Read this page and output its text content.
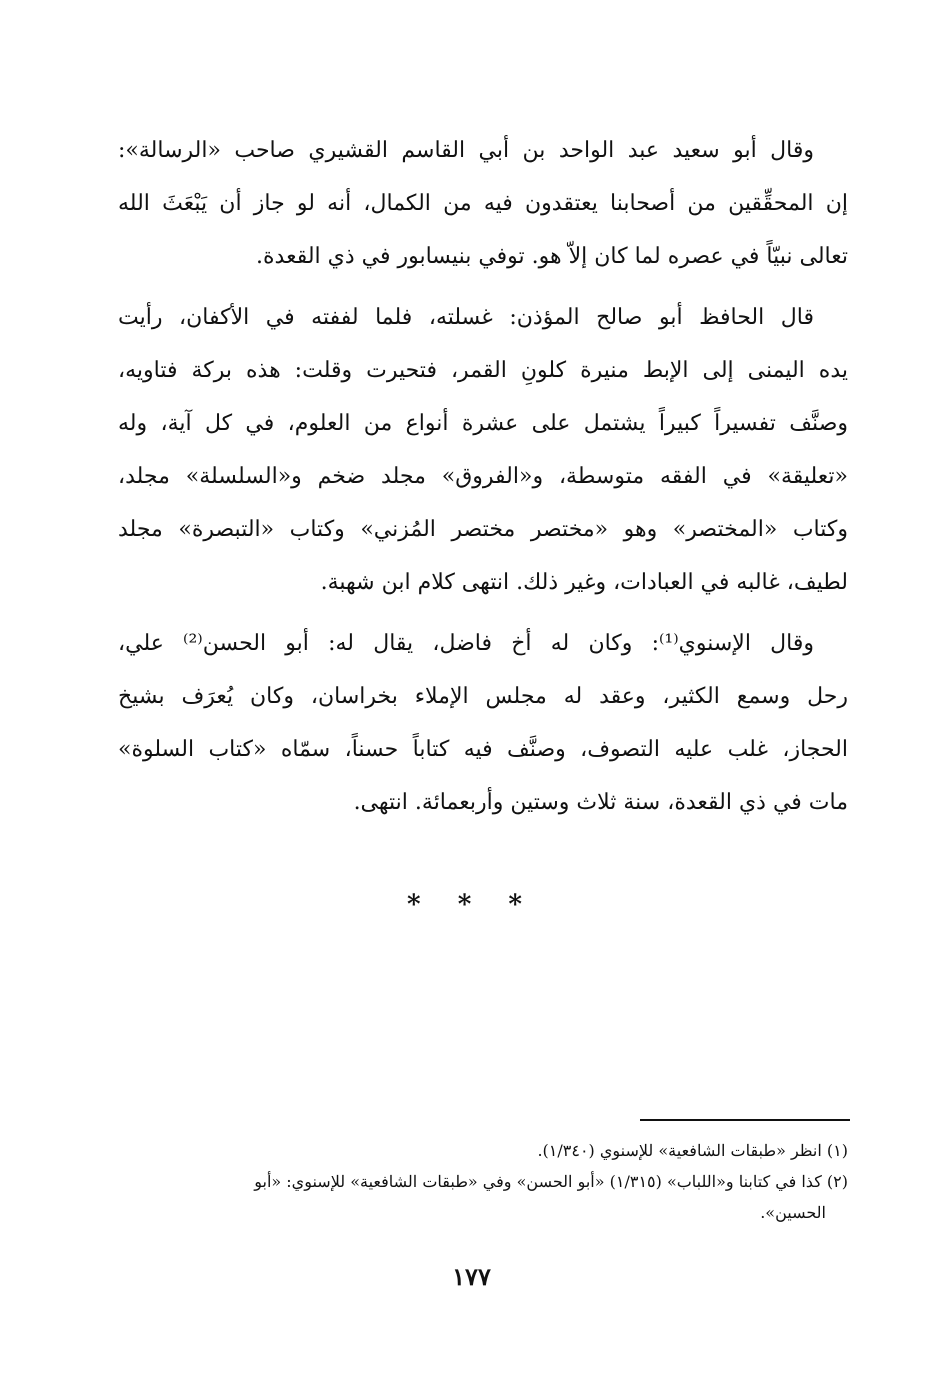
وقال أبو سعيد عبد الواحد بن أبي القاسم القشيري صاحب «الرسالة»:
إن المحقِّقين من أصحابنا يعتقدون فيه من الكمال، أنه لو جاز أن يَبْعَثَ الله
تعالى نبيّاً في عصره لما كان إلاّ هو. توفي بنيسابور في ذي القعدة.

قال الحافظ أبو صالح المؤذن: غسلته، فلما لففته في الأكفان، رأيت
يده اليمنى إلى الإبط منيرة كلونِ القمر، فتحيرت وقلت: هذه بركة فتاويه،
وصنَّف تفسيراً كبيراً يشتمل على عشرة أنواع من العلوم، في كل آية، وله
«تعليقة» في الفقه متوسطة، و«الفروق» مجلد ضخم و«السلسلة» مجلد،
وكتاب «المختصر» وهو «مختصر مختصر المُزني» وكتاب «التبصرة» مجلد
لطيف، غالبه في العبادات، وغير ذلك. انتهى كلام ابن شهبة.

وقال الإسنوي⁽¹⁾: وكان له أخ فاضل، يقال له: أبو الحسن⁽²⁾ علي،
رحل وسمع الكثير، وعقد له مجلس الإملاء بخراسان، وكان يُعرَف بشيخ
الحجاز، غلب عليه التصوف، وصنَّف فيه كتاباً حسناً، سمّاه «كتاب السلوة»
مات في ذي القعدة، سنة ثلاث وستين وأربعمائة. انتهى.

* * *
(١) انظر «طبقات الشافعية» للإسنوي (١/٣٤٠).
(٢) كذا في كتابنا و«اللباب» (١/٣١٥) «أبو الحسن» وفي «طبقات الشافعية» للإسنوي: «أبو
الحسين».
١٧٧
